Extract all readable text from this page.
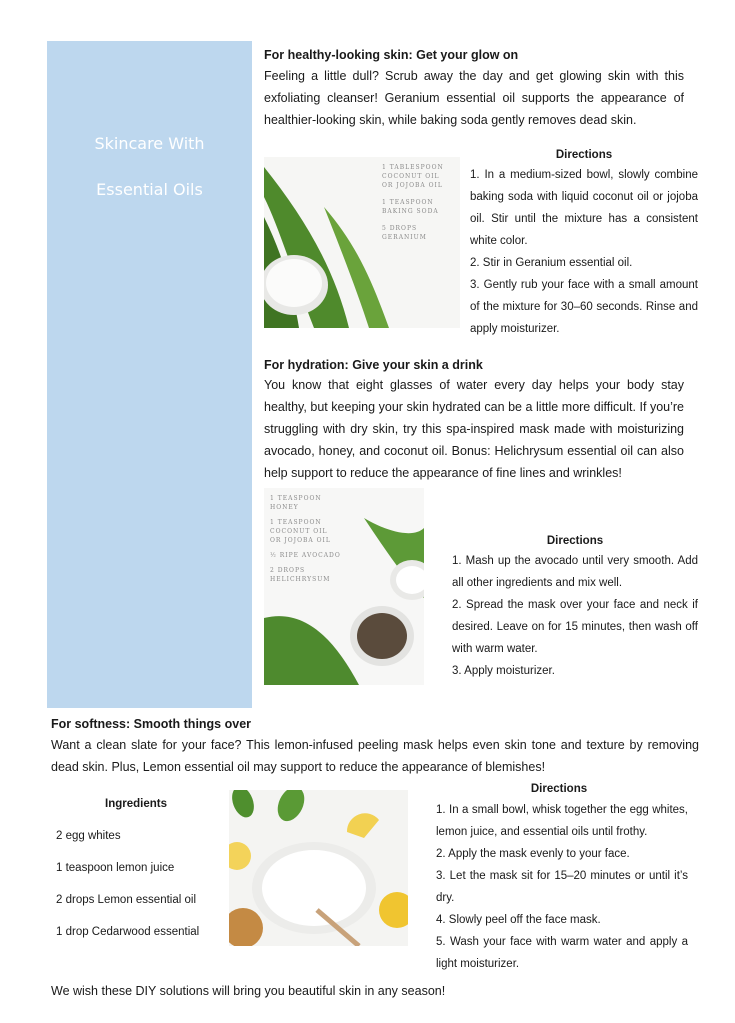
Skincare With
Essential Oils
For healthy-looking skin: Get your glow on
Feeling a little dull? Scrub away the day and get glowing skin with this exfoliating cleanser! Geranium essential oil supports the appearance of healthier-looking skin, while baking soda gently removes dead skin.
1 TABLESPOON
COCONUT OIL
OR JOJOBA OIL
1 TEASPOON
BAKING SODA
5 DROPS
GERANIUM
Directions
1. In a medium-sized bowl, slowly combine baking soda with liquid coconut oil or jojoba oil. Stir until the mixture has a consistent white color.
2. Stir in Geranium essential oil.
3. Gently rub your face with a small amount of the mixture for 30–60 seconds. Rinse and apply moisturizer.
For hydration: Give your skin a drink
You know that eight glasses of water every day helps your body stay healthy, but keeping your skin hydrated can be a little more difficult. If you’re struggling with dry skin, try this spa-inspired mask made with moisturizing avocado, honey, and coconut oil. Bonus: Helichrysum essential oil can also help support to reduce the appearance of fine lines and wrinkles!
1 TEASPOON
HONEY
1 TEASPOON
COCONUT OIL
OR JOJOBA OIL
½ RIPE AVOCADO
2 DROPS
HELICHRYSUM
Directions
1. Mash up the avocado until very smooth. Add all other ingredients and mix well.
2. Spread the mask over your face and neck if desired. Leave on for 15 minutes, then wash off with warm water.
3. Apply moisturizer.
For softness: Smooth things over
Want a clean slate for your face? This lemon-infused peeling mask helps even skin tone and texture by removing dead skin. Plus, Lemon essential oil may support to reduce the appearance of blemishes!
Ingredients
2 egg whites
1 teaspoon lemon juice
2 drops Lemon essential oil
1 drop Cedarwood essential
Directions
1. In a small bowl, whisk together the egg whites, lemon juice, and essential oils until frothy.
2. Apply the mask evenly to your face.
3. Let the mask sit for 15–20 minutes or until it’s dry.
4. Slowly peel off the face mask.
5. Wash your face with warm water and apply a light moisturizer.
We wish these DIY solutions will bring you beautiful skin in any season!
